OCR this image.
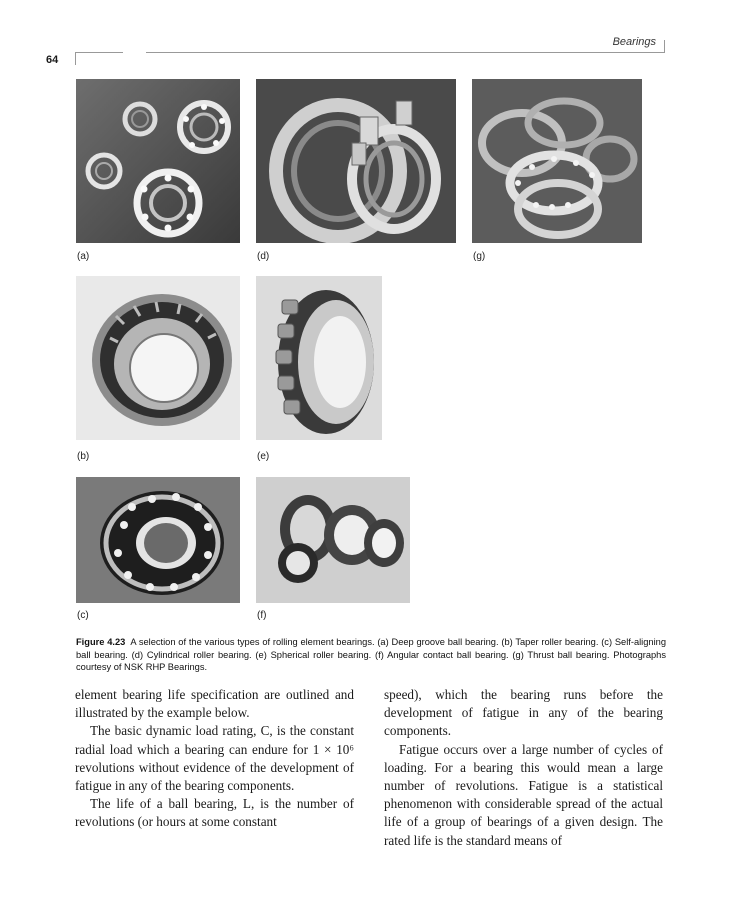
Bearings
64
(a)	(d)	(g)
(b)	(e)
(c)	(f)
Figure 4.23 A selection of the various types of rolling element bearings. (a) Deep groove ball bearing. (b) Taper roller bearing. (c) Self-aligning ball bearing. (d) Cylindrical roller bearing. (e) Spherical roller bearing. (f) Angular contact ball bearing. (g) Thrust ball bearing. Photographs courtesy of NSK RHP Bearings.

element bearing life specification are outlined and illustrated by the example below.

The basic dynamic load rating, C, is the constant radial load which a bearing can endure for 1 × 10⁶ revolutions without evidence of the development of fatigue in any of the bearing components.

The life of a ball bearing, L, is the number of revolutions (or hours at some constant

speed), which the bearing runs before the development of fatigue in any of the bearing components.

Fatigue occurs over a large number of cycles of loading. For a bearing this would mean a large number of revolutions. Fatigue is a statistical phenomenon with considerable spread of the actual life of a group of bearings of a given design. The rated life is the standard means of
